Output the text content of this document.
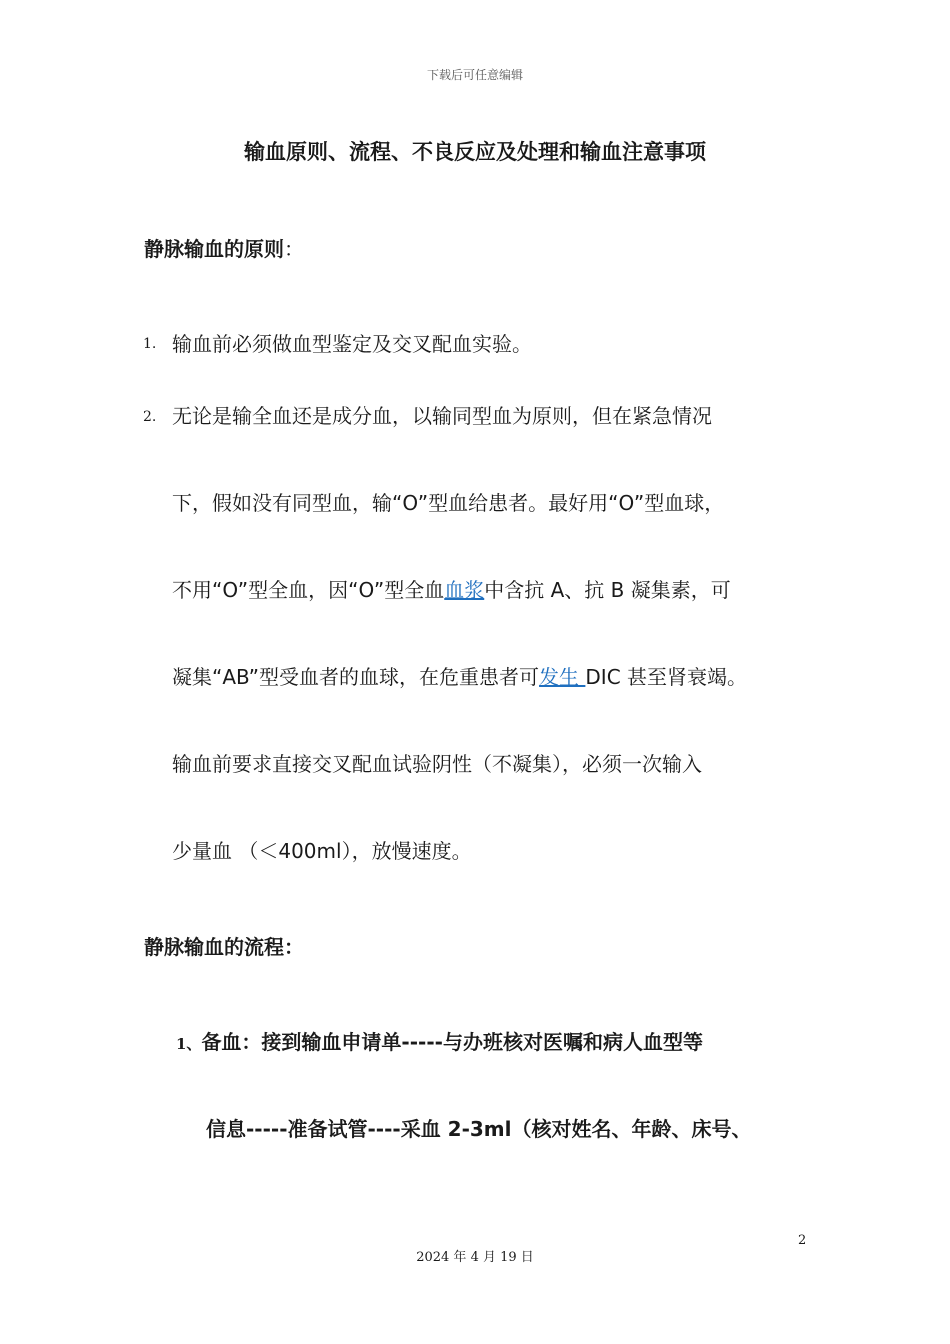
下载后可任意编辑
输血原则、流程、不良反应及处理和输血注意事项
静脉输血的原则：
1. 输血前必须做血型鉴定及交叉配血实验。
2. 无论是输全血还是成分血，以输同型血为原则，但在紧急情况
下，假如没有同型血，输“O”型血给患者。最好用“O”型血球，
不用“O”型全血，因“O”型全血血浆中含抗 A、抗 B 凝集素，可
凝集“AB”型受血者的血球，在危重患者可发生 DIC 甚至肾衰竭。
输血前要求直接交叉配血试验阴性（不凝集），必须一次输入
少量血 （＜400ml），放慢速度。
静脉输血的流程：
1、备血：接到输血申请单-----与办班核对医嘱和病人血型等
信息-----准备试管----采血 2-3ml（核对姓名、年龄、床号、
2
2024 年 4 月 19 日
